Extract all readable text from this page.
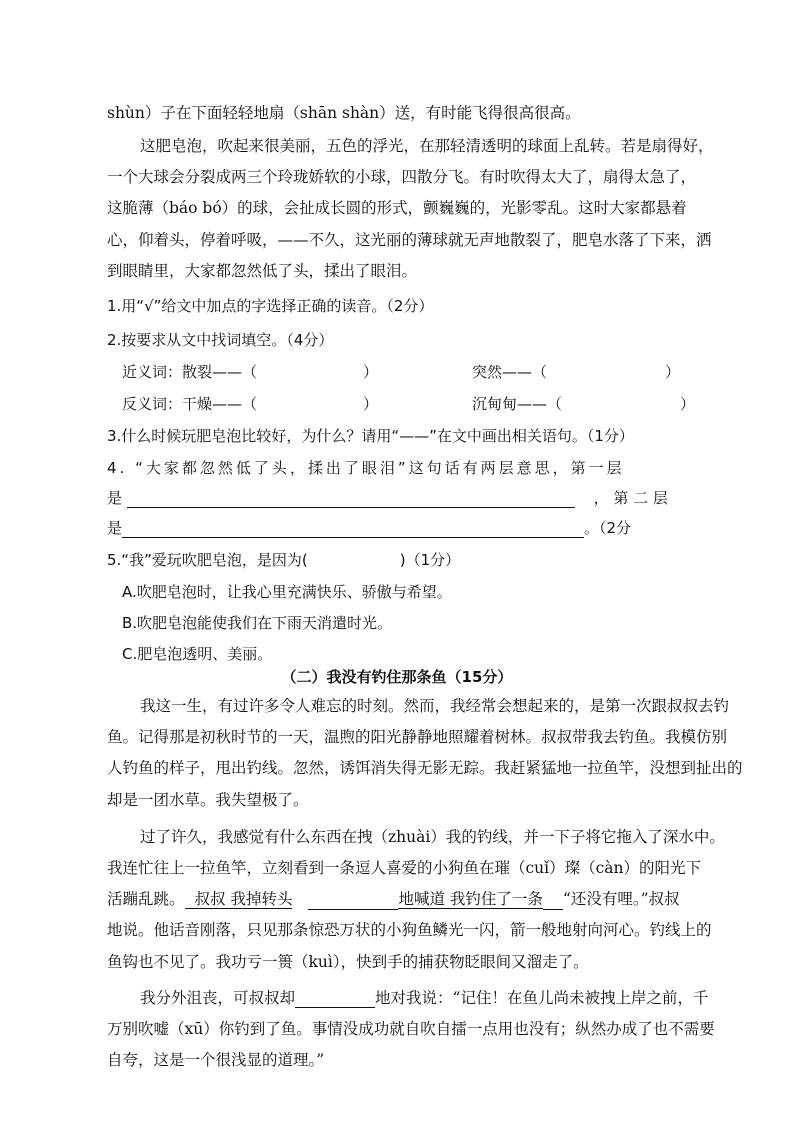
shùn）子在下面轻轻地扇（shān shàn）送，有时能飞得很高很高。
这肥皂泡，吹起来很美丽，五色的浮光，在那轻清透明的球面上乱转。若是扇得好，
一个大球会分裂成两三个玲珑娇软的小球，四散分飞。有时吹得太大了，扇得太急了，
这脆薄（báo bó）的球，会扯成长圆的形式，颤巍巍的，光影零乱。这时大家都悬着
心，仰着头，停着呼吸，——不久，这光丽的薄球就无声地散裂了，肥皂水落了下来，洒
到眼睛里，大家都忽然低了头，揉出了眼泪。
1.用“√”给文中加点的字选择正确的读音。（2分）
2.按要求从文中找词填空。（4分）
近义词：散裂——（	）	突然——（	）
反义词：干燥——（	）	沉甸甸——（	）
3.什么时候玩肥皂泡比较好，为什么？请用“——”在文中画出相关语句。（1分）
4. “大家都忽然低了头，揉出了眼泪”这句话有两层意思，第一层
是	， 第 二 层
是	。（2分
5.“我”爱玩吹肥皂泡，是因为(	)（1分）
A.吹肥皂泡时，让我心里充满快乐、骄傲与希望。
B.吹肥皂泡能使我们在下雨天消遣时光。
C.肥皂泡透明、美丽。
（二）我没有钓住那条鱼（15分）
我这一生，有过许多令人难忘的时刻。然而，我经常会想起来的，是第一次跟叔叔去钓
鱼。记得那是初秋时节的一天，温煦的阳光静静地照耀着树林。叔叔带我去钓鱼。我模仿别
人钓鱼的样子，甩出钓线。忽然，诱饵消失得无影无踪。我赶紧猛地一拉鱼竿，没想到扯出的
却是一团水草。我失望极了。
过了许久，我感觉有什么东西在拽（zhuài）我的钓线，并一下子将它拖入了深水中。
我连忙往上一拉鱼竿，立刻看到一条逗人喜爱的小狗鱼在璀（cuǐ）璨（càn）的阳光下
活蹦乱跳。 叔叔 我掉转头	地喊道 我钓住了一条 “还没有哩。”叔叔
地说。他话音刚落，只见那条惊恐万状的小狗鱼鳞光一闪，箭一般地射向河心。钓线上的
鱼钩也不见了。我功亏一篑（kuì），快到手的捕获物眨眼间又溜走了。
我分外沮丧，可叔叔却	地对我说：“记住！在鱼儿尚未被拽上岸之前，千
万别吹嘘（xū）你钓到了鱼。事情没成功就自吹自擂一点用也没有；纵然办成了也不需要
自夸，这是一个很浅显的道理。”
